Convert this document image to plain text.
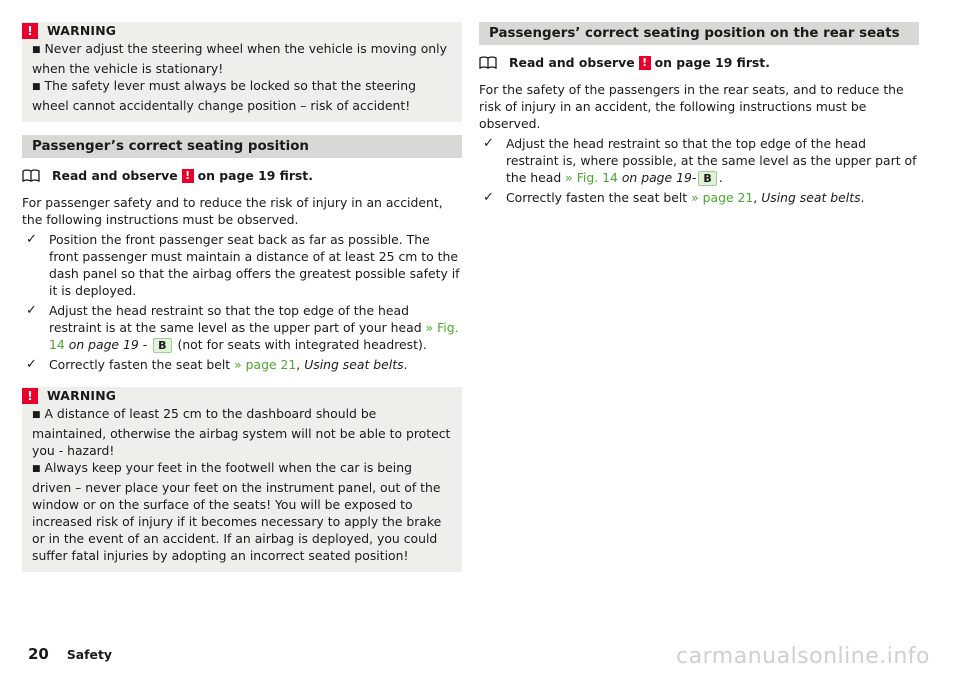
!	WARNING

■ Never adjust the steering wheel when the vehicle is moving only when the vehicle is stationary!

■ The safety lever must always be locked so that the steering wheel cannot accidentally change position – risk of accident!

Passenger’s correct seating position
Read and observe ! on page 19 first.

For passenger safety and to reduce the risk of injury in an accident, the following instructions must be observed.

✓ Position the front passenger seat back as far as possible. The front passenger must maintain a distance of at least 25 cm to the dash panel so that the airbag offers the greatest possible safety if it is deployed.
✓ Adjust the head restraint so that the top edge of the head restraint is at the same level as the upper part of your head » Fig. 14 on page 19 - B (not for seats with integrated headrest).
✓ Correctly fasten the seat belt » page 21, Using seat belts.
!	WARNING

■ A distance of least 25 cm to the dashboard should be maintained, otherwise the airbag system will not be able to protect you - hazard!

■ Always keep your feet in the footwell when the car is being driven – never place your feet on the instrument panel, out of the window or on the surface of the seats! You will be exposed to increased risk of injury if it becomes necessary to apply the brake or in the event of an accident. If an airbag is deployed, you could suffer fatal injuries by adopting an incorrect seated position!

Passengers’ correct seating position on the rear seats
Read and observe ! on page 19 first.

For the safety of the passengers in the rear seats, and to reduce the risk of injury in an accident, the following instructions must be observed.

✓ Adjust the head restraint so that the top edge of the head restraint is, where possible, at the same level as the upper part of the head » Fig. 14 on page 19- B .
✓ Correctly fasten the seat belt » page 21, Using seat belts.
20 Safety	carmanualsonline.info
